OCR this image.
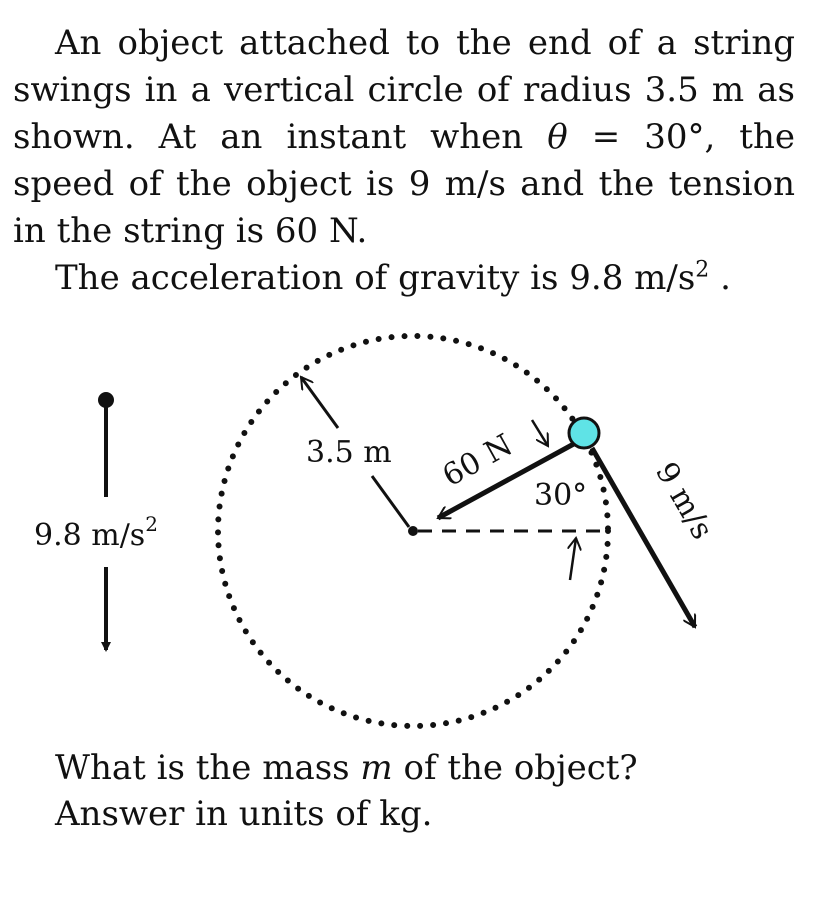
An object attached to the end of a string swings in a vertical circle of radius 3.5 m as shown. At an instant when θ = 30°, the speed of the object is 9 m/s and the tension in the string is 60 N.

The acceleration of gravity is 9.8 $m/s^2$ .

9.8 $m/s^2$
3.5 m 60 N
30° 9 m/s

What is the mass m of the object?

Answer in units of kg.
